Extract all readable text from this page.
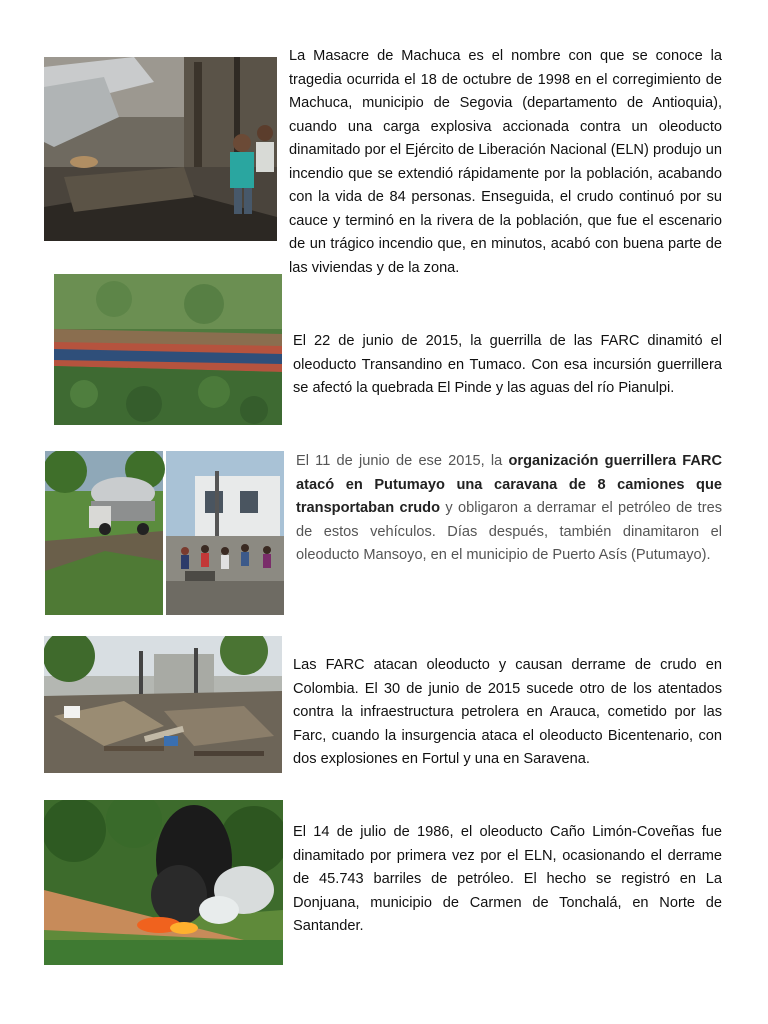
La Masacre de Machuca es el nombre con que se conoce la tragedia ocurrida el 18 de octubre de 1998 en el corregimiento de Machuca, municipio de Segovia (departamento de Antioquia), cuando una carga explosiva accionada contra un oleoducto dinamitado por el Ejército de Liberación Nacional (ELN) produjo un incendio que se extendió rápidamente por la población, acabando con la vida de 84 personas. Enseguida, el crudo continuó por su cauce y terminó en la rivera de la población, que fue el escenario de un trágico incendio que, en minutos, acabó con buena parte de las viviendas y de la zona.

El 22 de junio de 2015, la guerrilla de las FARC dinamitó el oleoducto Transandino en Tumaco. Con esa incursión guerrillera se afectó la quebrada El Pinde y las aguas del río Pianulpi.

El 11 de junio de ese 2015, la organización guerrillera FARC atacó en Putumayo una caravana de 8 camiones que transportaban crudo y obligaron a derramar el petróleo de tres de estos vehículos. Días después, también dinamitaron el oleoducto Mansoyo, en el municipio de Puerto Asís (Putumayo).

Las FARC atacan oleoducto y causan derrame de crudo en Colombia. El 30 de junio de 2015 sucede otro de los atentados contra la infraestructura petrolera en Arauca, cometido por las Farc, cuando la insurgencia ataca el oleoducto Bicentenario, con dos explosiones en Fortul y una en Saravena.

El 14 de julio de 1986, el oleoducto Caño Limón-Coveñas fue dinamitado por primera vez por el ELN, ocasionando el derrame de 45.743 barriles de petróleo. El hecho se registró en La Donjuana, municipio de Carmen de Tonchalá, en Norte de Santander.
